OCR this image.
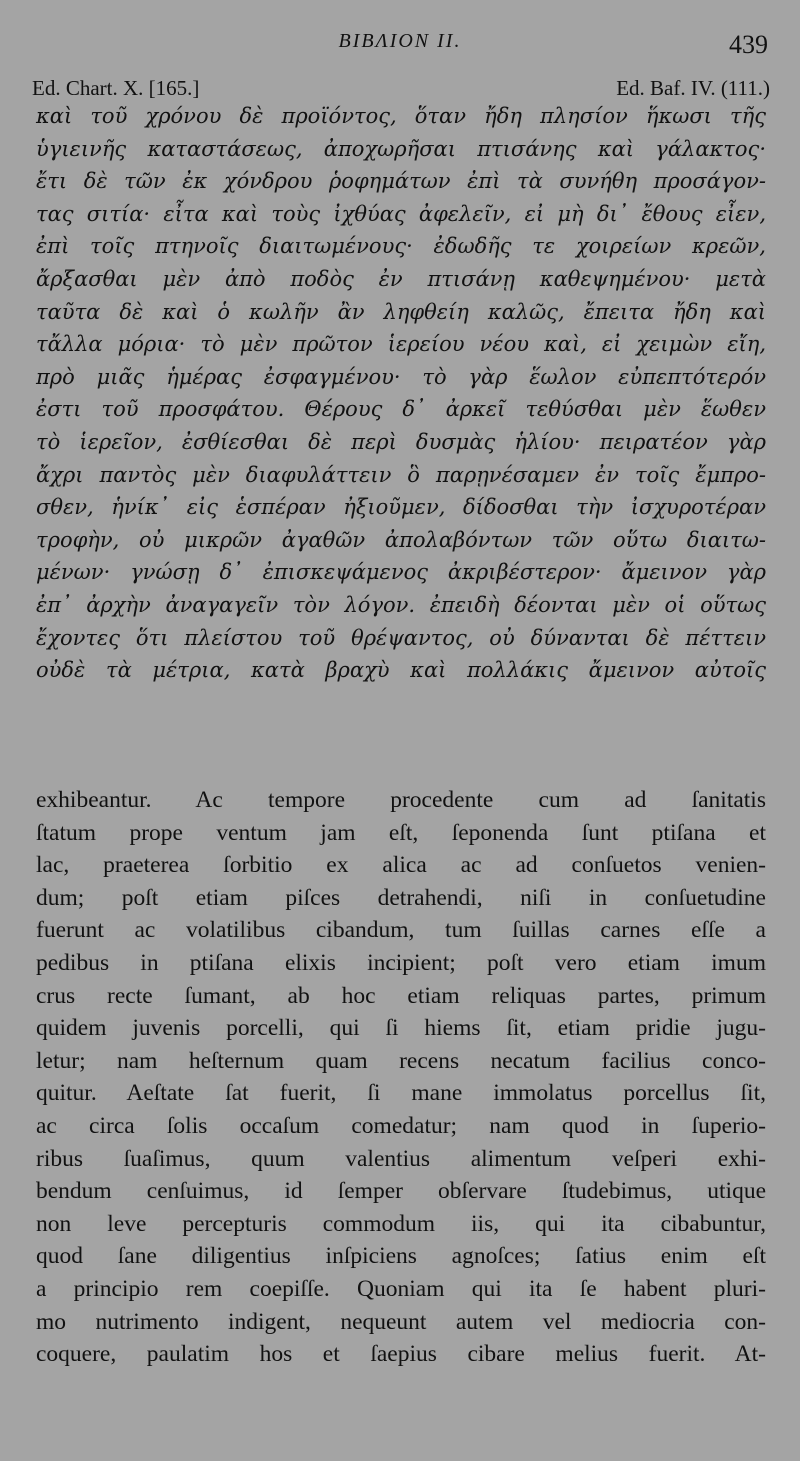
BIBΛΙΟΝ II.	439
Ed. Chart. X. [165.]	Ed. Baf. IV. (111.)
καὶ τοῦ χρόνου δὲ προϊόντος, ὅταν ἤδη πλησίον ἥκωσι τῆς
ὑγιεινῆς καταστάσεως, ἀποχωρῆσαι πτισάνης καὶ γάλακτος·
ἔτι δὲ τῶν ἐκ χόνδρου ῥοφημάτων ἐπὶ τὰ συνήθη προσάγον-
τας σιτία· εἶτα καὶ τοὺς ἰχθύας ἀφελεῖν, εἰ μὴ δι᾽ ἔθους εἶεν,
ἐπὶ τοῖς πτηνοῖς διαιτωμένους· ἐδωδῆς τε χοιρείων κρεῶν,
ἄρξασθαι μὲν ἀπὸ ποδὸς ἐν πτισάνῃ καθεψημένου· μετὰ
ταῦτα δὲ καὶ ὁ κωλῆν ἂν ληφθείη καλῶς, ἔπειτα ἤδη καὶ
τἄλλα μόρια· τὸ μὲν πρῶτον ἱερείου νέου καὶ, εἰ χειμὼν εἴη,
πρὸ μιᾶς ἡμέρας ἐσφαγμένου· τὸ γὰρ ἕωλον εὐπεπτότερόν
ἐστι τοῦ προσφάτου. Θέρους δ᾽ ἀρκεῖ τεθύσθαι μὲν ἕωθεν
τὸ ἱερεῖον, ἐσθίεσθαι δὲ περὶ δυσμὰς ἡλίου· πειρατέον γὰρ
ἄχρι παντὸς μὲν διαφυλάττειν ὃ παρῃνέσαμεν ἐν τοῖς ἔμπρο-
σθεν, ἡνίκ᾽ εἰς ἑσπέραν ἠξιοῦμεν, δίδοσθαι τὴν ἰσχυροτέραν
τροφὴν, οὐ μικρῶν ἀγαθῶν ἀπολαβόντων τῶν οὕτω διαιτω-
μένων· γνώσῃ δ᾽ ἐπισκεψάμενος ἀκριβέστερον· ἄμεινον γὰρ
ἐπ᾽ ἀρχὴν ἀναγαγεῖν τὸν λόγον. ἐπειδὴ δέονται μὲν οἱ οὕτως
ἔχοντες ὅτι πλείστου τοῦ θρέψαντος, οὐ δύνανται δὲ πέττειν
οὐδὲ τὰ μέτρια, κατὰ βραχὺ καὶ πολλάκις ἄμεινον αὐτοῖς
exhibeantur. Ac tempore procedente cum ad ſanitatis
ſtatum prope ventum jam eſt, ſeponenda ſunt ptiſana et
lac, praeterea ſorbitio ex alica ac ad conſuetos venien-
dum; poſt etiam piſces detrahendi, niſi in conſuetudine
fuerunt ac volatilibus cibandum, tum ſuillas carnes eſſe a
pedibus in ptiſana elixis incipient; poſt vero etiam imum
crus recte ſumant, ab hoc etiam reliquas partes, primum
quidem juvenis porcelli, qui ſi hiems ſit, etiam pridie jugu-
letur; nam heſternum quam recens necatum facilius conco-
quitur. Aeſtate ſat fuerit, ſi mane immolatus porcellus ſit,
ac circa ſolis occaſum comedatur; nam quod in ſuperio-
ribus ſuaſimus, quum valentius alimentum veſperi exhi-
bendum cenſuimus, id ſemper obſervare ſtudebimus, utique
non leve percepturis commodum iis, qui ita cibabuntur,
quod ſane diligentius inſpiciens agnoſces; ſatius enim eſt
a principio rem coepiſſe. Quoniam qui ita ſe habent pluri-
mo nutrimento indigent, nequeunt autem vel mediocria con-
coquere, paulatim hos et ſaepius cibare melius fuerit. At-
